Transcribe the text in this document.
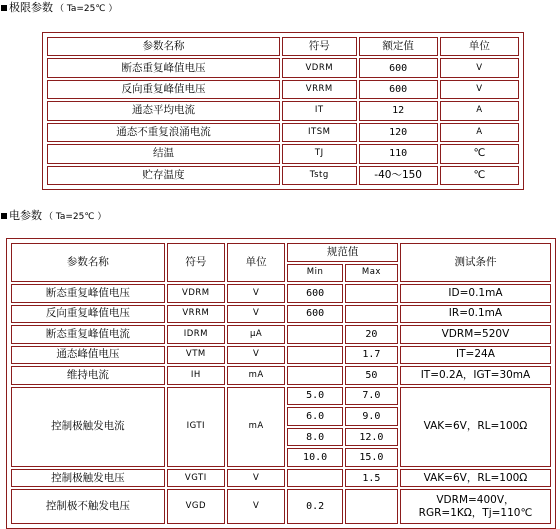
极限参数 （ Ta=25℃ ）
参数名称	符号	额定值	单位
断态重复峰值电压	VDRM	600	V
反向重复峰值电压	VRRM	600	V
通态平均电流	IT	12	A
通态不重复浪涌电流	ITSM	120	A
结温	TJ	110	℃
贮存温度	Tstg	-40～150	℃
电参数 （ Ta=25℃ ）
参数名称	符号	单位	规范值		测试条件
			Min	Max	
断态重复峰值电压	VDRM	V	600		ID=0.1mA
反向重复峰值电压	VRRM	V	600		IR=0.1mA
断态重复峰值电流	IDRM	μA		20	VDRM=520V
通态峰值电压	VTM	V		1.7	IT=24A
维持电流	IH	mA		50	IT=0.2A，IGT=30mA
控制极触发电流	IGTI	mA	5.0	7.0	VAK=6V，RL=100Ω
			6.0	9.0	
			8.0	12.0	
			10.0	15.0	
控制极触发电压	VGTI	V		1.5	VAK=6V，RL=100Ω
控制极不触发电压	VGD	V	0.2		VDRM=400V，
RGR=1KΩ，Tj=110℃
